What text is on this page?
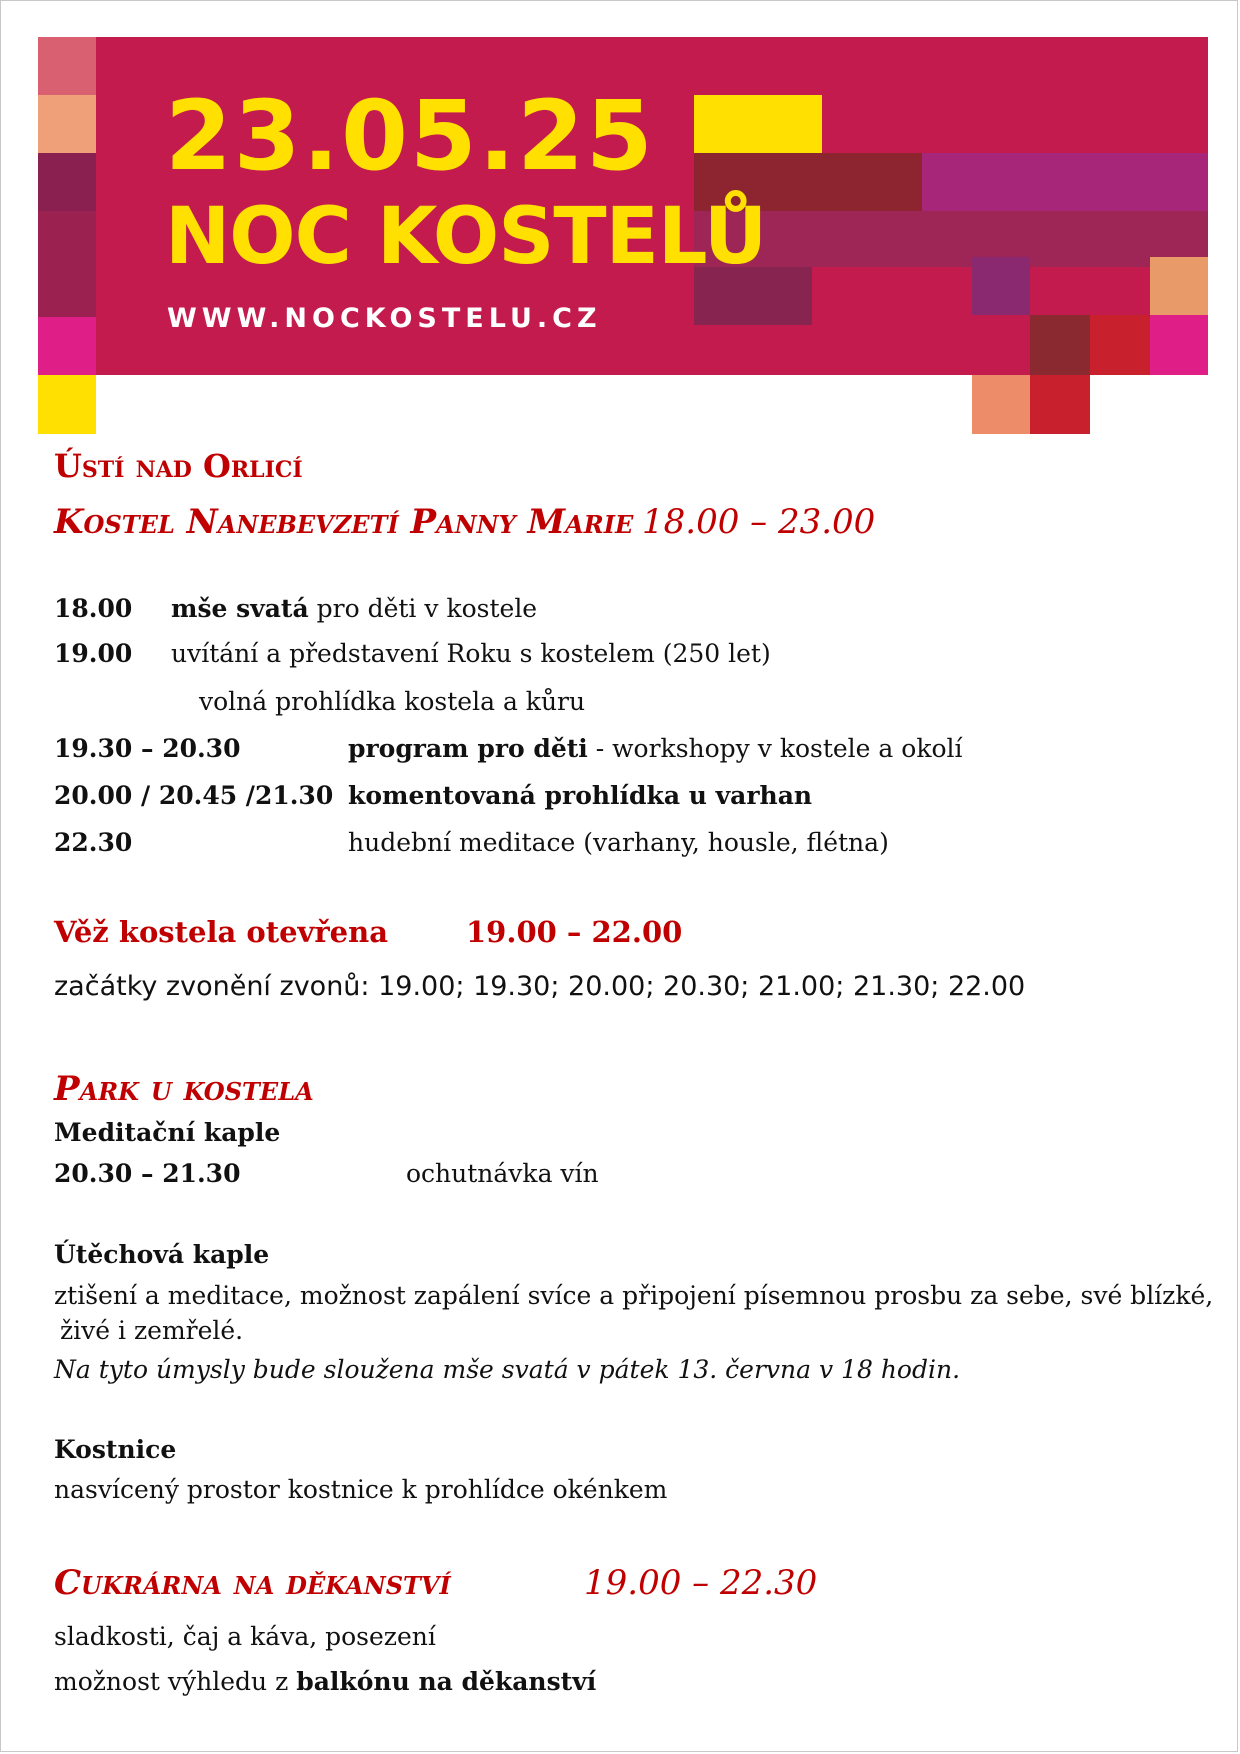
23.05.25
NOC KOSTELŮ
WWW.NOCKOSTELU.CZ
Ústí nad Orlicí
Kostel Nanebevzetí Panny Marie 18.00 – 23.00
18.00 mše svatá pro děti v kostele
19.00 uvítání a představení Roku s kostelem (250 let)
volná prohlídka kostela a kůru
19.30 – 20.30	program pro děti - workshopy v kostele a okolí
20.00 / 20.45 /21.30 komentovaná prohlídka u varhan
22.30	hudební meditace (varhany, housle, flétna)
Věž kostela otevřena	19.00 – 22.00
začátky zvonění zvonů: 19.00; 19.30; 20.00; 20.30; 21.00; 21.30; 22.00
Park u kostela
Meditační kaple
20.30 – 21.30	ochutnávka vín
Útěchová kaple
ztišení a meditace, možnost zapálení svíce a připojení písemnou prosbu za sebe, své blízké,
živé i zemřelé.
Na tyto úmysly bude sloužena mše svatá v pátek 13. června v 18 hodin.
Kostnice
nasvícený prostor kostnice k prohlídce okénkem
Cukrárna na děkanství	19.00 – 22.30
sladkosti, čaj a káva, posezení
možnost výhledu z balkónu na děkanství
